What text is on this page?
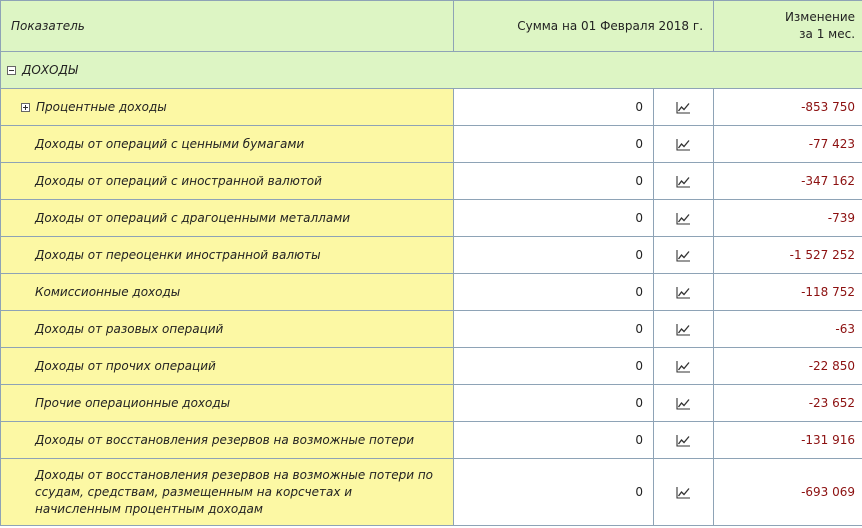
Показатель	Сумма на 01 Февраля 2018 г.		Изменение
за 1 мес.

ДОХОДЫ			
Процентные доходы	0		-853 750
Доходы от операций с ценными бумагами	0		-77 423
Доходы от операций с иностранной валютой	0		-347 162
Доходы от операций с драгоценными металлами	0		-739
Доходы от переоценки иностранной валюты	0		-1 527 252
Комиссионные доходы	0		-118 752
Доходы от разовых операций	0		-63
Доходы от прочих операций	0		-22 850
Прочие операционные доходы	0		-23 652
Доходы от восстановления резервов на возможные потери	0		-131 916
Доходы от восстановления резервов на возможные потери по ссудам, средствам, размещенным на корсчетах и начисленным процентным доходам	0		-693 069
